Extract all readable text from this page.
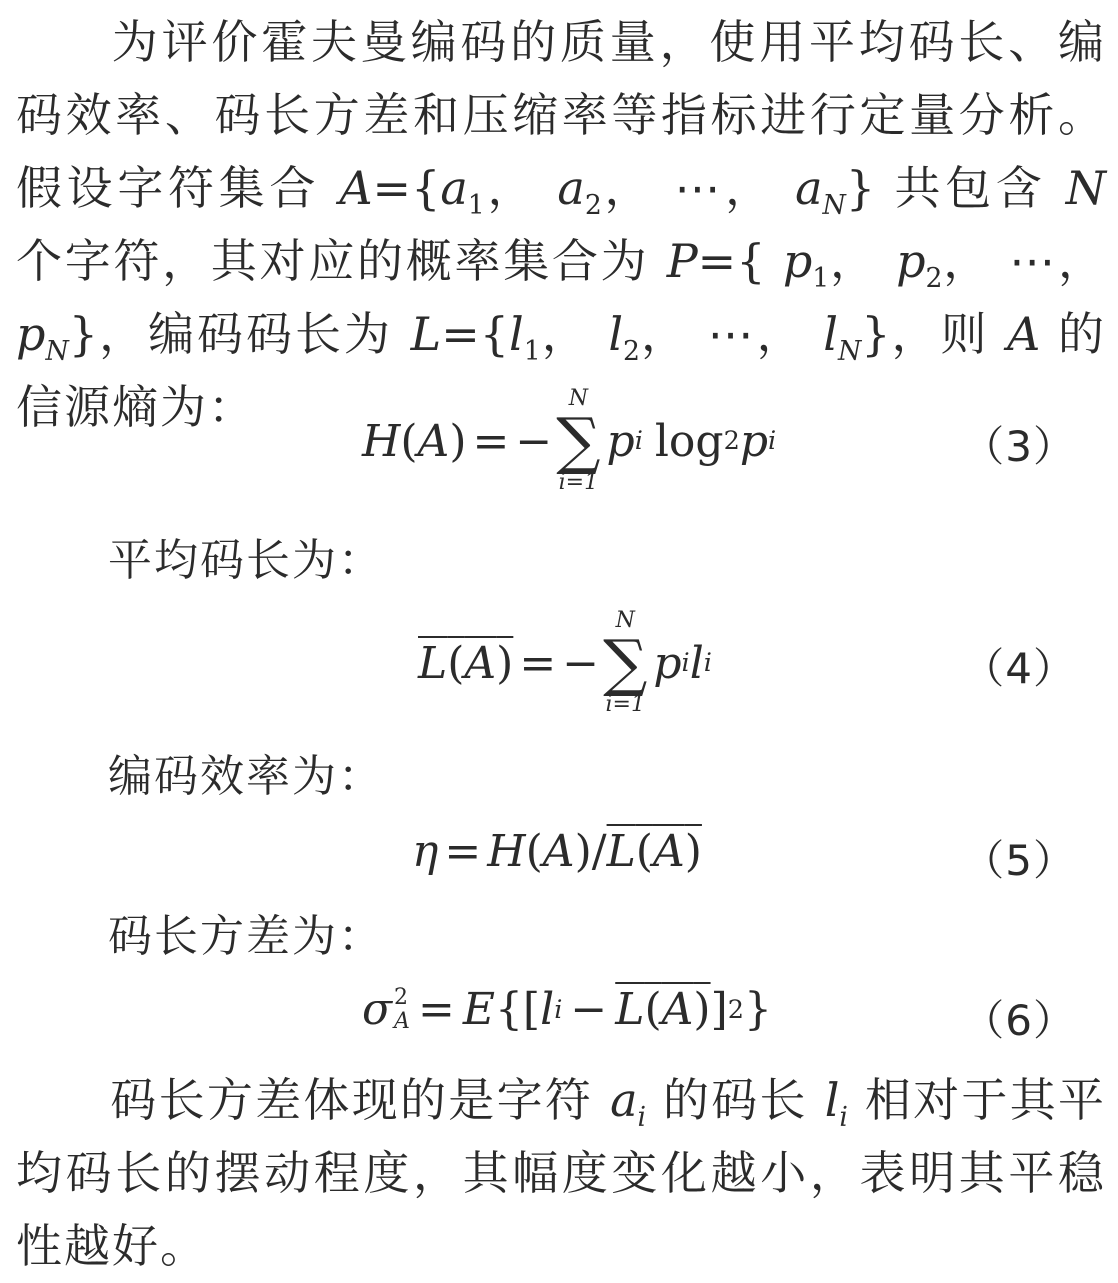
为评价霍夫曼编码的质量，使用平均码长、编码效率、码长方差和压缩率等指标进行定量分析。假设字符集合 $A=\{a_1$， $a_2$， ⋯， $a_N$} 共包含 N 个字符，其对应的概率集合为 P={ $p_1$， $p_2$， ⋯， $p_N$}，编码码长为 $L=\{l_1$， $l_2$， ⋯， $l_N$}，则 A 的信源熵为：

H ( A ) = −
N
∑
i=1
p i log 2 p i	（3）

平均码长为：

L(A) = −
N
∑
i=1
p i l i	（4）

编码效率为：

η = H ( A ) / L(A)	（5）

码长方差为：

σ 2
A = E {[ l i − L(A) ] 2 }	（6）

码长方差体现的是字符 $a_i$ 的码长 $l_i$ 相对于其平均码长的摆动程度，其幅度变化越小，表明其平稳性越好。
